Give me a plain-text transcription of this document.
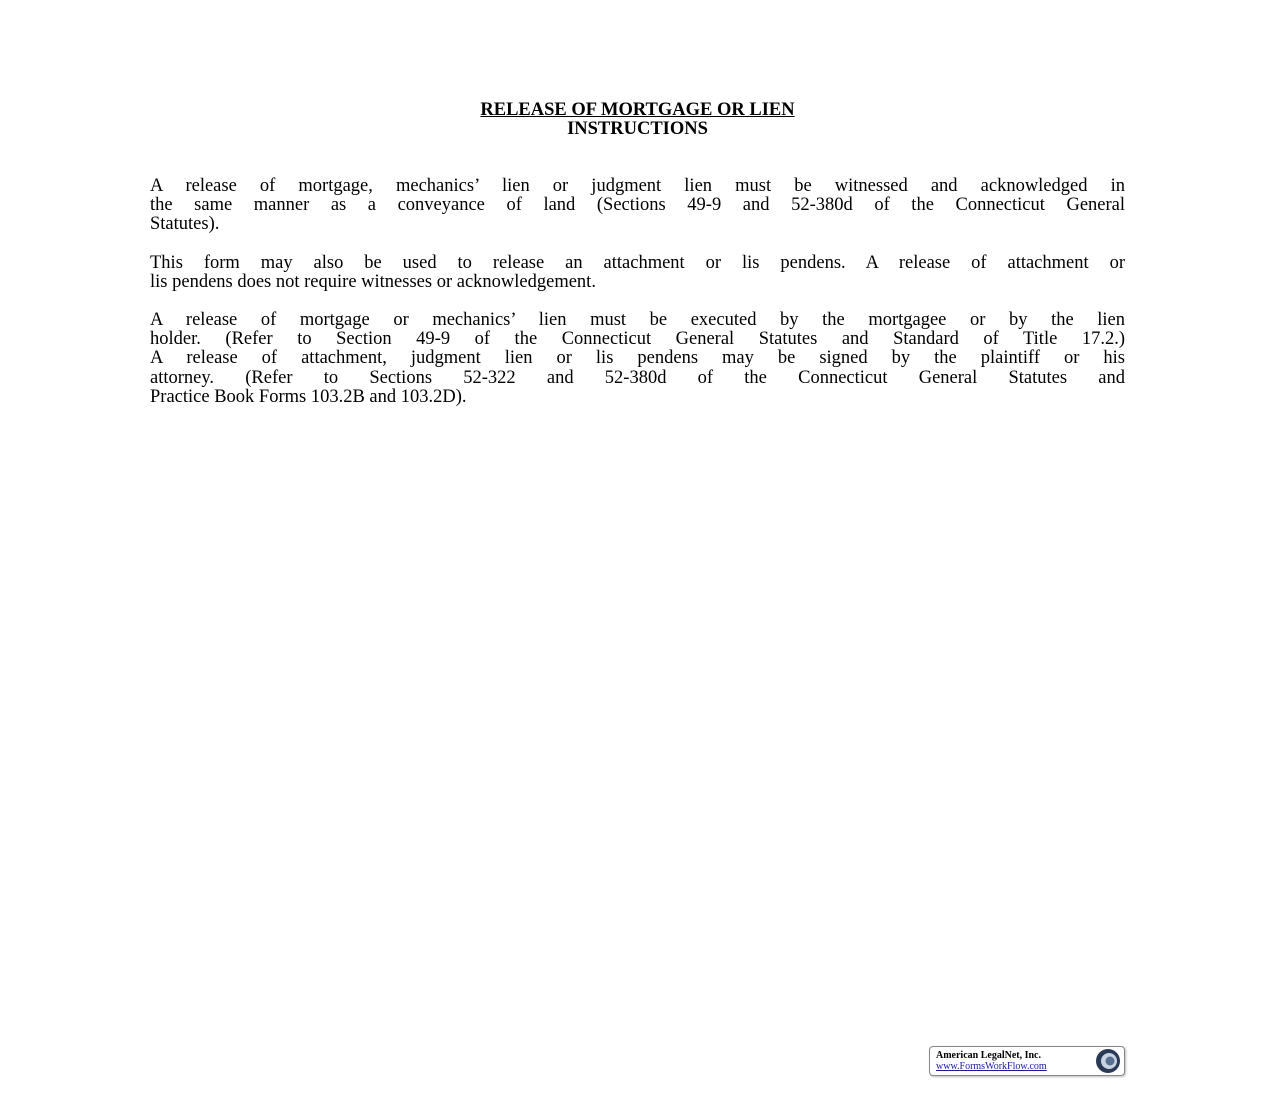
RELEASE OF MORTGAGE OR LIEN
INSTRUCTIONS
A release of mortgage, mechanics’ lien or judgment lien must be witnessed and acknowledged in
the same manner as a conveyance of land (Sections 49-9 and 52-380d of the Connecticut General
Statutes).
This form may also be used to release an attachment or lis pendens. A release of attachment or
lis pendens does not require witnesses or acknowledgement.
A release of mortgage or mechanics’ lien must be executed by the mortgagee or by the lien
holder. (Refer to Section 49-9 of the Connecticut General Statutes and Standard of Title 17.2.)
A release of attachment, judgment lien or lis pendens may be signed by the plaintiff or his
attorney. (Refer to Sections 52-322 and 52-380d of the Connecticut General Statutes and
Practice Book Forms 103.2B and 103.2D).
American LegalNet, Inc.
www.FormsWorkFlow.com
